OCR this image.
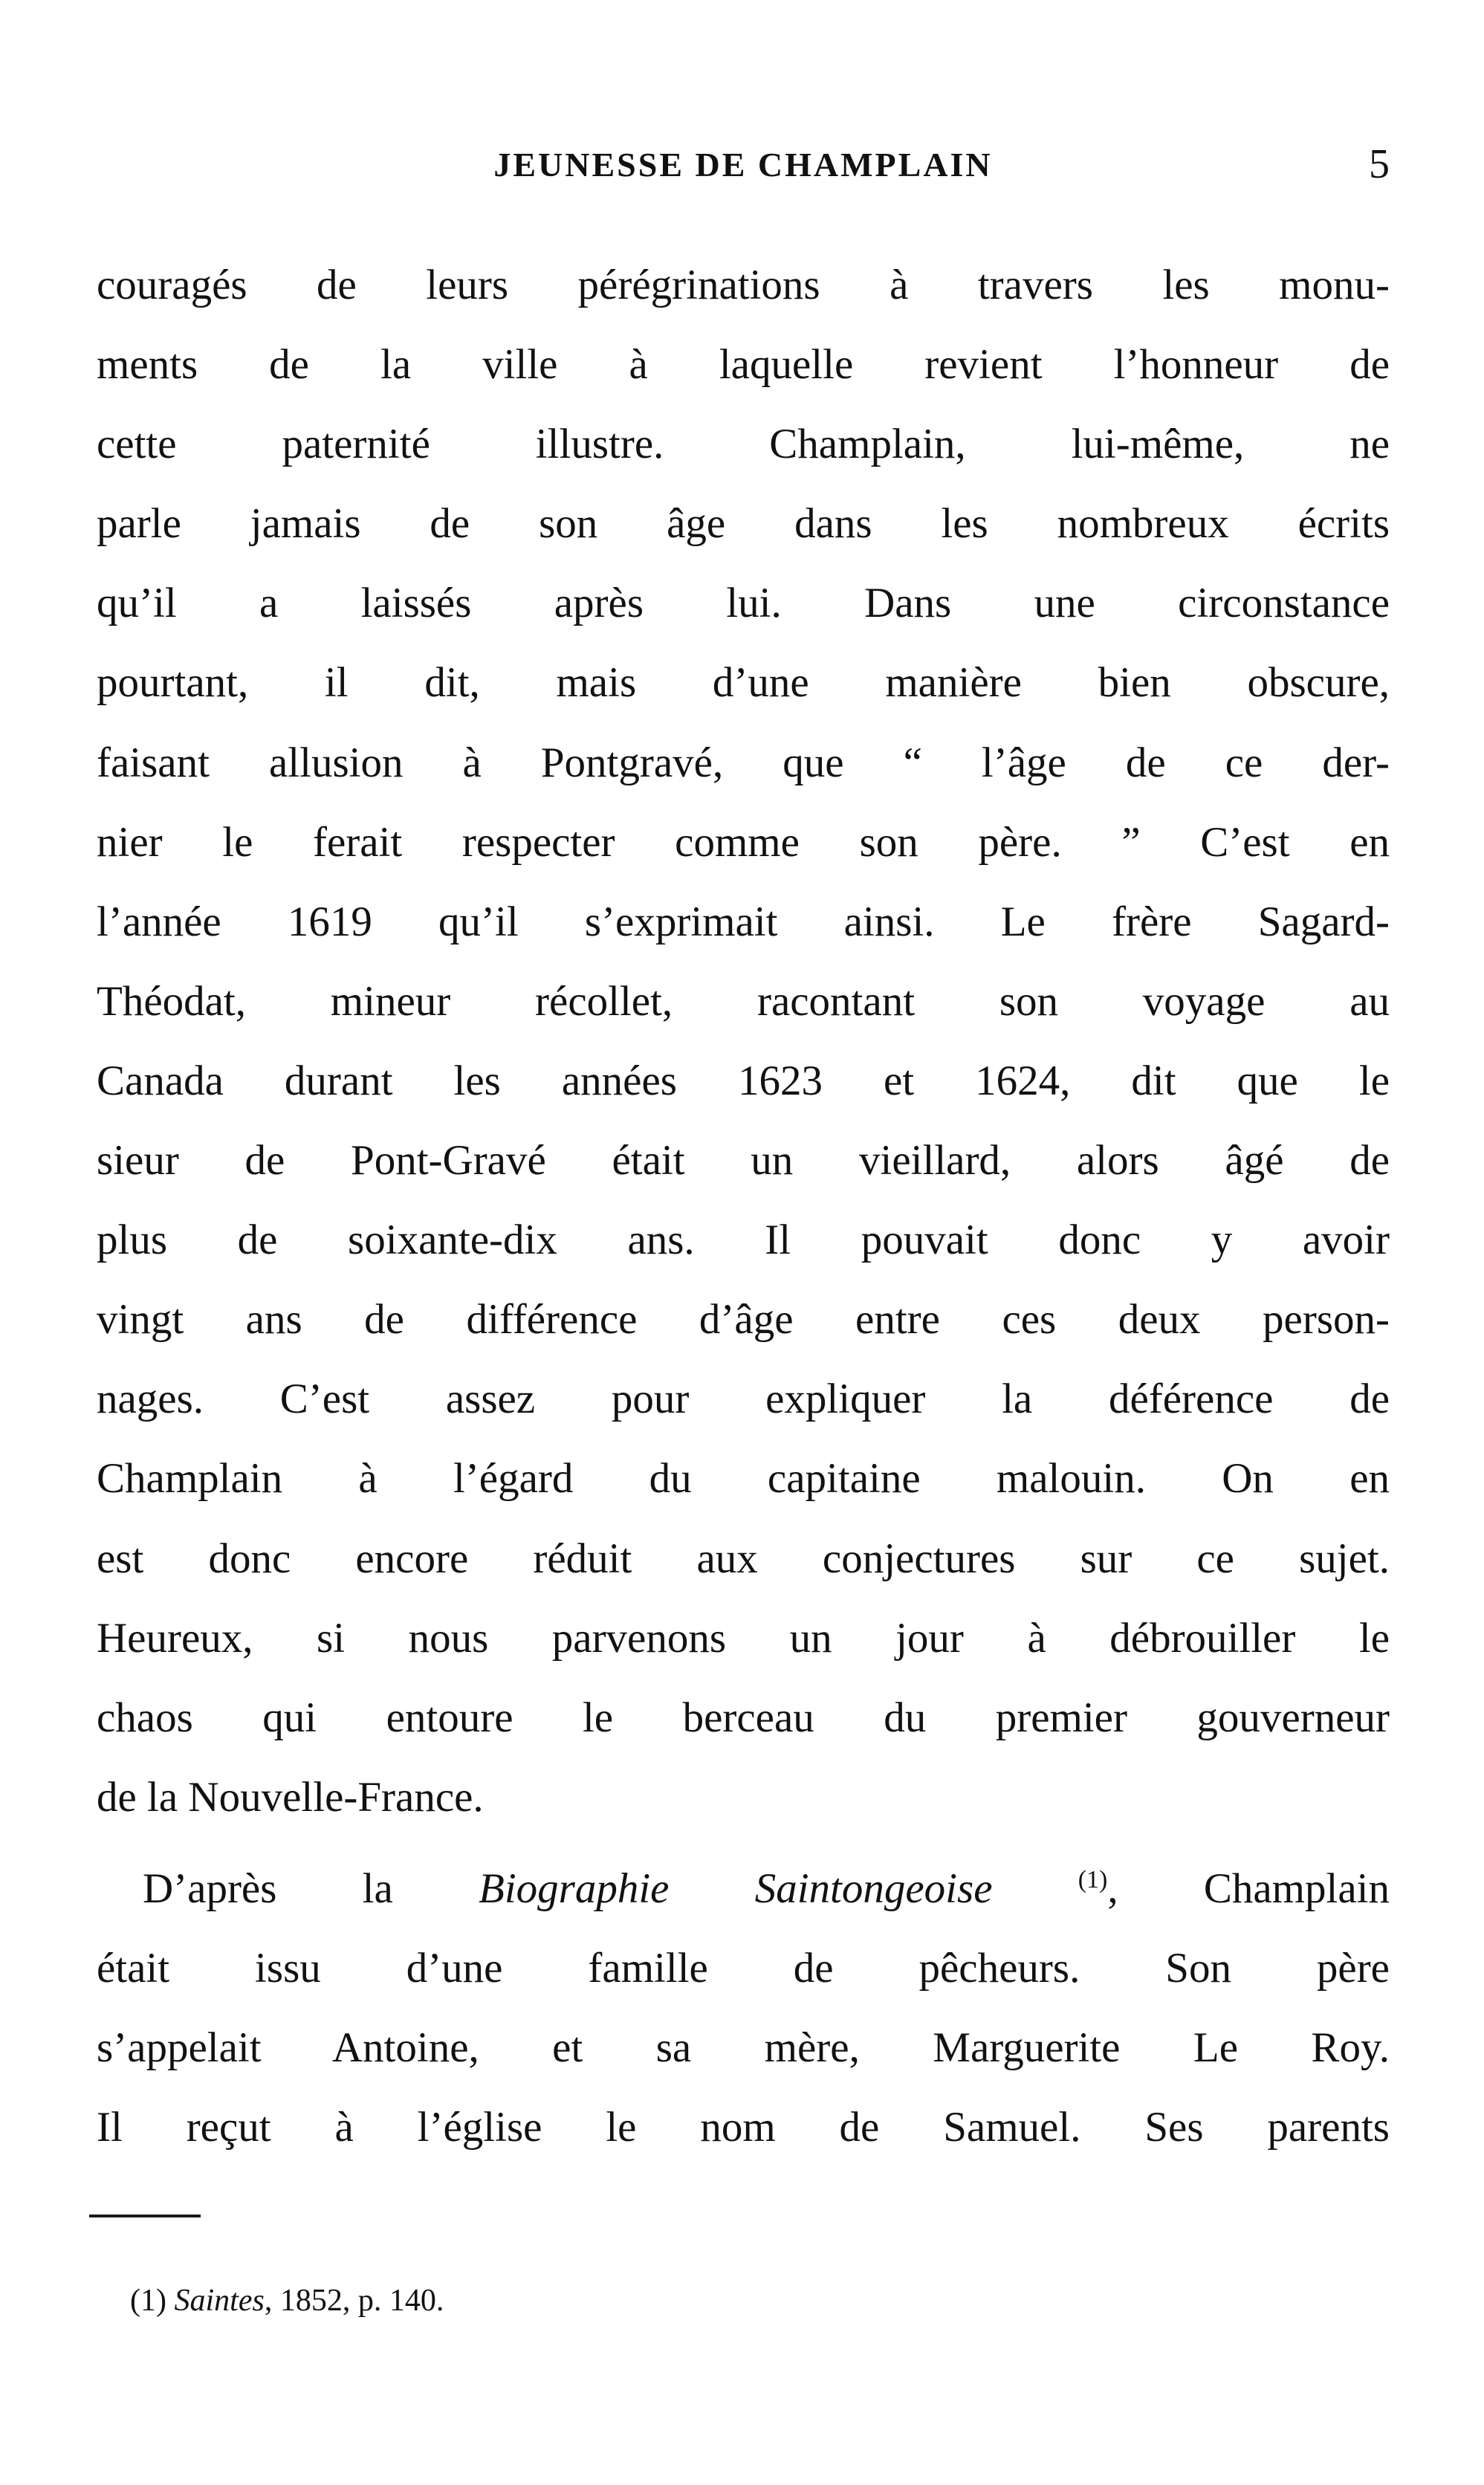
JEUNESSE DE CHAMPLAIN	5
couragés de leurs pérégrinations à travers les monu-
ments de la ville à laquelle revient l’honneur de
cette paternité illustre. Champlain, lui-même, ne
parle jamais de son âge dans les nombreux écrits
qu’il a laissés après lui. Dans une circonstance
pourtant, il dit, mais d’une manière bien obscure,
faisant allusion à Pontgravé, que “ l’âge de ce der-
nier le ferait respecter comme son père. ” C’est en
l’année 1619 qu’il s’exprimait ainsi. Le frère Sagard-
Théodat, mineur récollet, racontant son voyage au
Canada durant les années 1623 et 1624, dit que le
sieur de Pont-Gravé était un vieillard, alors âgé de
plus de soixante-dix ans. Il pouvait donc y avoir
vingt ans de différence d’âge entre ces deux person-
nages. C’est assez pour expliquer la déférence de
Champlain à l’égard du capitaine malouin. On en
est donc encore réduit aux conjectures sur ce sujet.
Heureux, si nous parvenons un jour à débrouiller le
chaos qui entoure le berceau du premier gouverneur
de la Nouvelle-France.
D’après la Biographie Saintongeoise	$^{(1)}$, Champlain
était issu d’une famille de pêcheurs. Son père
s’appelait Antoine, et sa mère, Marguerite Le Roy.
Il reçut à l’église le nom de Samuel. Ses parents
(1) Saintes, 1852, p. 140.
